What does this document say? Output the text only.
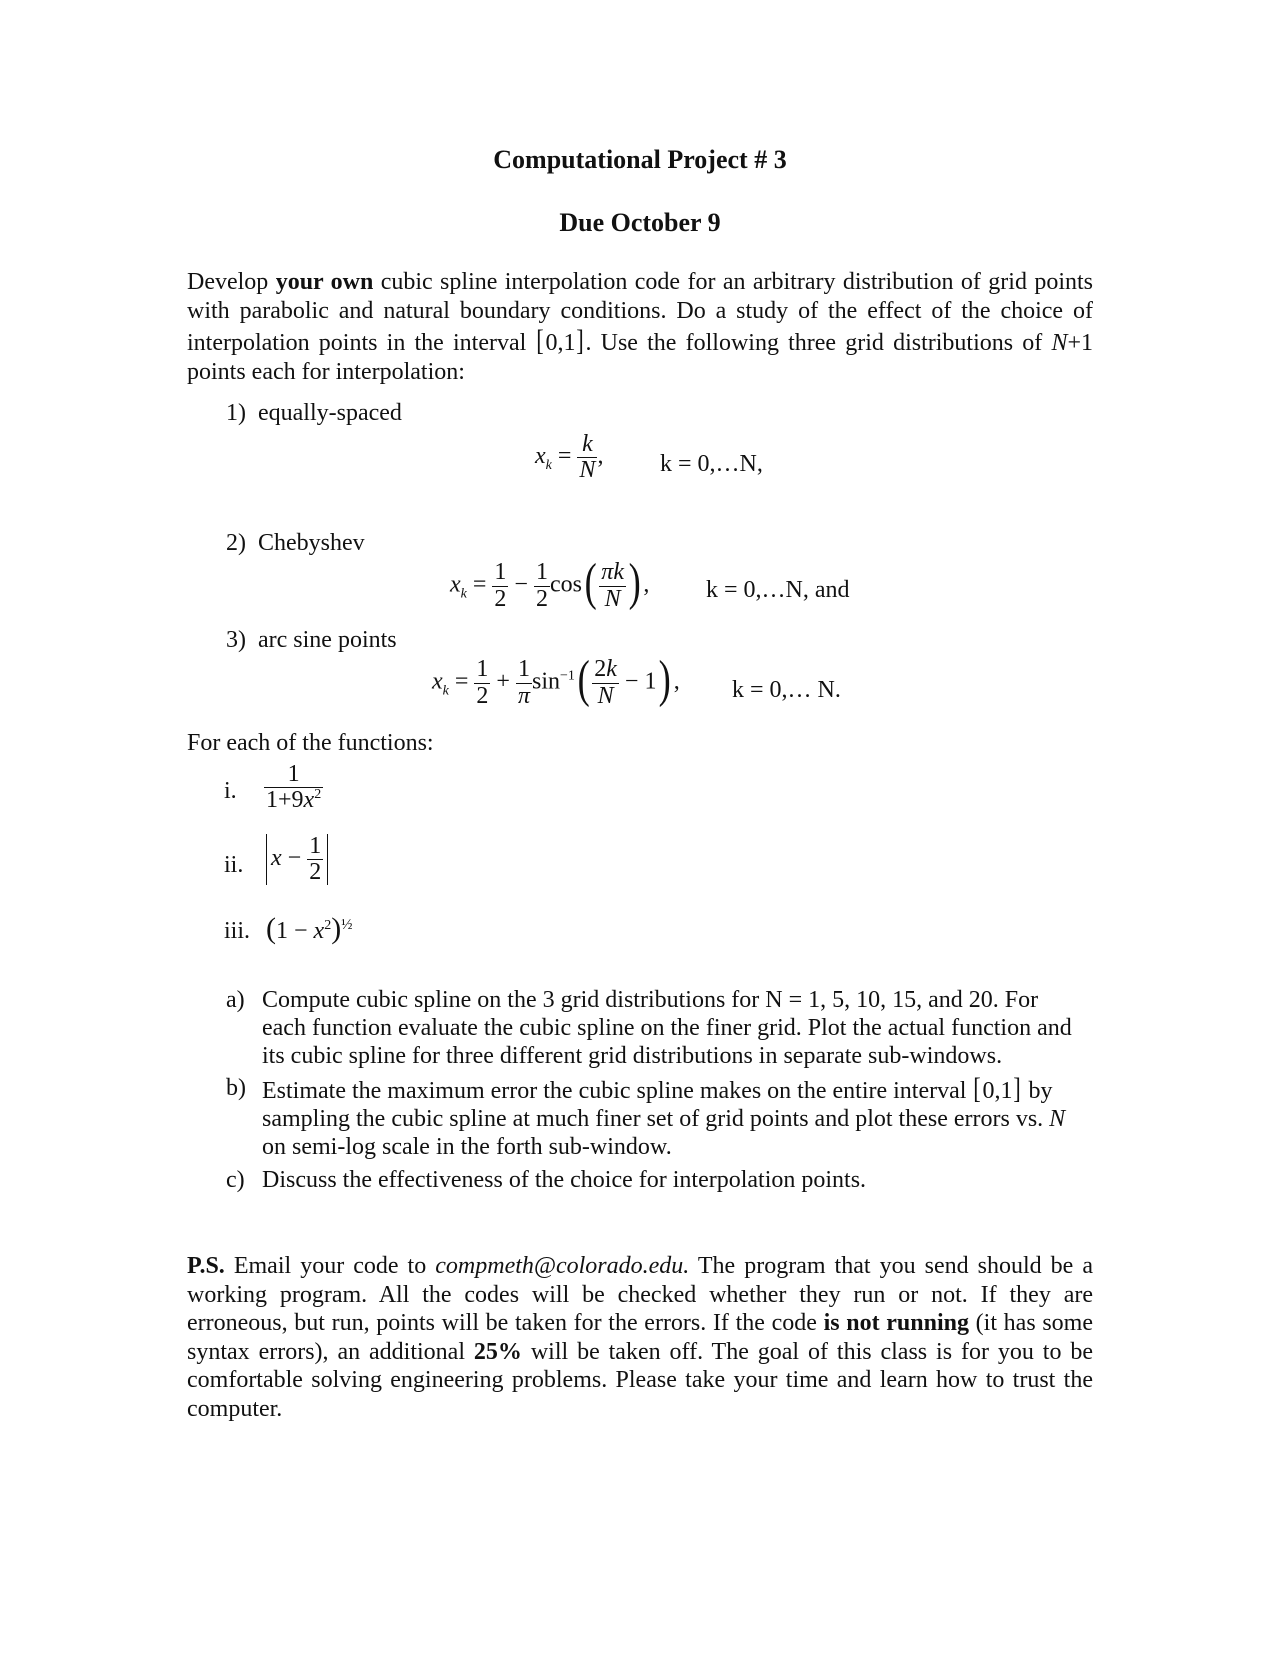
Computational Project # 3
Due October 9
Develop your own cubic spline interpolation code for an arbitrary distribution of grid points with parabolic and natural boundary conditions. Do a study of the effect of the choice of interpolation points in the interval [0,1]. Use the following three grid distributions of N+1 points each for interpolation:
1) equally-spaced
$x_k = \frac{k}{N}$ , k = 0,…N,
2) Chebyshev
$x_k = \frac{1}{2} - \frac{1}{2} \cos( \frac{\pi k}{N}$ ) , k = 0,…N, and
3) arc sine points
$x_k = \frac{1}{2} + \frac{1}{\pi} \sin^{-1}( \frac{2k}{N} - 1)$ , k = 0,… N.
For each of the functions:
i. $\frac{1}{1+9x^2}$
ii. $x - \frac{1}{2}$
iii. $(1 - x^2)^{\frac{1}{2}}$
a) Compute cubic spline on the 3 grid distributions for N = 1, 5, 10, 15, and 20. For each function evaluate the cubic spline on the finer grid. Plot the actual function and its cubic spline for three different grid distributions in separate sub-windows.
b) Estimate the maximum error the cubic spline makes on the entire interval [0,1] by sampling the cubic spline at much finer set of grid points and plot these errors vs. N on semi-log scale in the forth sub-window.
c) Discuss the effectiveness of the choice for interpolation points.
P.S. Email your code to compmeth@colorado.edu. The program that you send should be a working program. All the codes will be checked whether they run or not. If they are erroneous, but run, points will be taken for the errors. If the code is not running (it has some syntax errors), an additional 25% will be taken off. The goal of this class is for you to be comfortable solving engineering problems. Please take your time and learn how to trust the computer.
